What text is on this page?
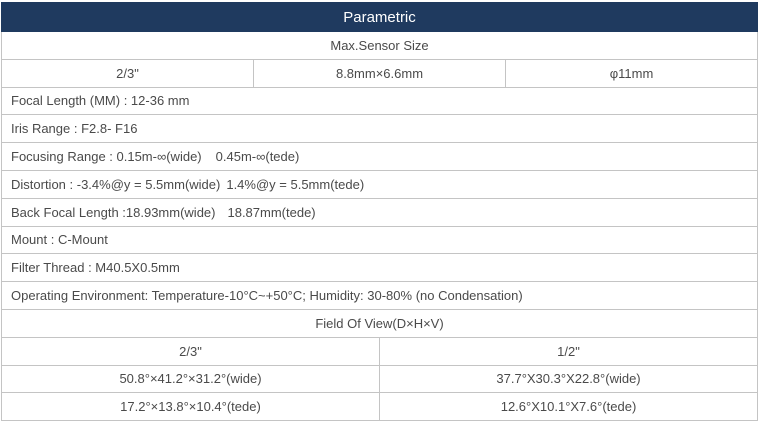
Parametric			
Max.Sensor Size			
2/3"	8.8mm×6.6mm		φ11mm
Focal Length (MM) : 12-36 mm			
Iris Range : F2.8- F16			
Focusing Range : 0.15m-∞(wide) 0.45m-∞(tede)			
Distortion : -3.4%@y = 5.5mm(wide) 1.4%@y = 5.5mm(tede)			
Back Focal Length :18.93mm(wide) 18.87mm(tede)			
Mount : C-Mount			
Filter Thread : M40.5X0.5mm			
Operating Environment: Temperature-10°C~+50°C; Humidity: 30-80% (no Condensation)			
Field Of View(D×H×V)			
2/3"		1/2"	
50.8°×41.2°×31.2°(wide)		37.7°X30.3°X22.8°(wide)	
17.2°×13.8°×10.4°(tede)		12.6°X10.1°X7.6°(tede)	
